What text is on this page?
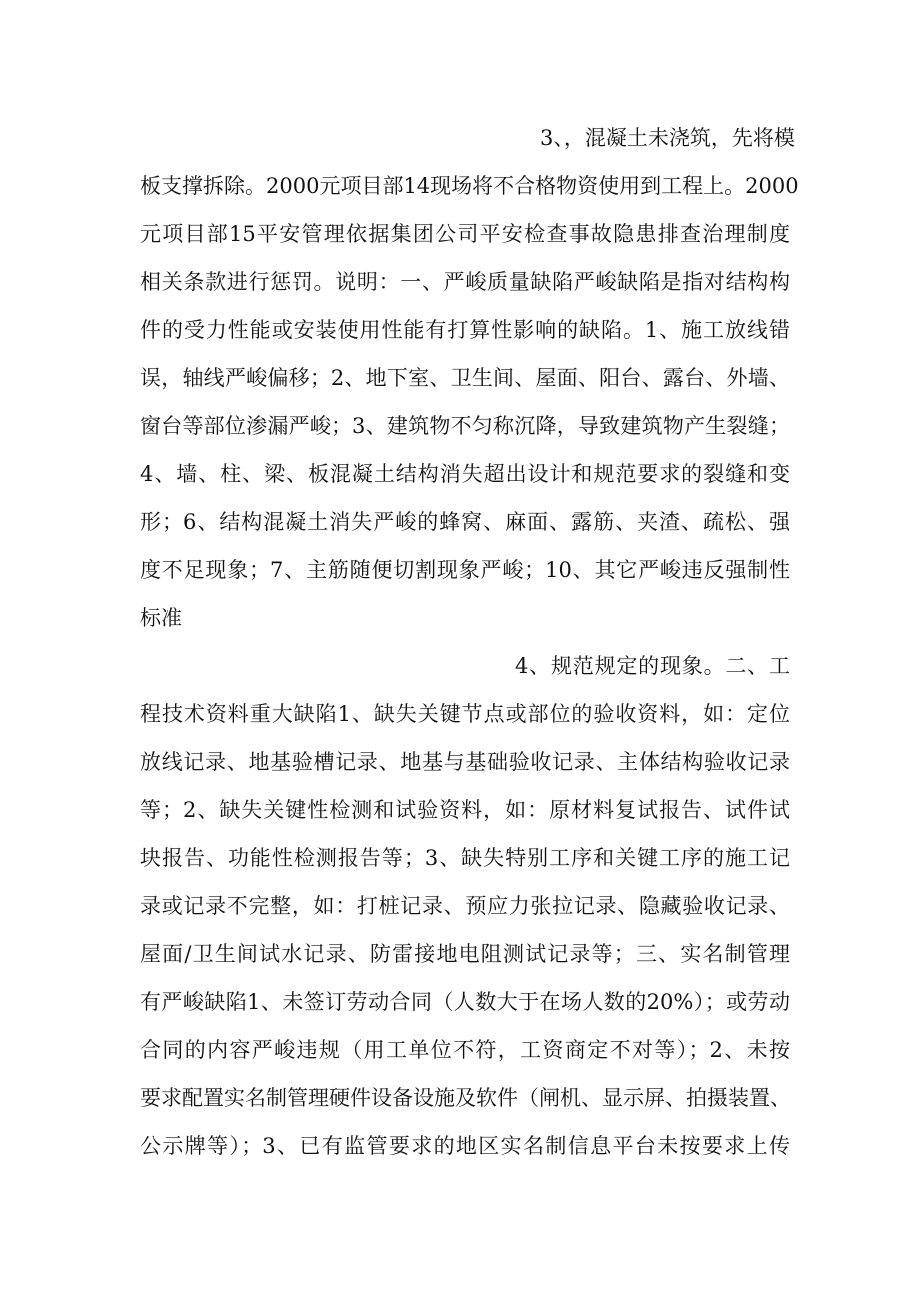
3、，混凝土未浇筑，先将模
板支撑拆除。2000元项目部14现场将不合格物资使用到工程上。2000
元项目部15平安管理依据集团公司平安检查事故隐患排查治理制度
相关条款进行惩罚。说明：一、严峻质量缺陷严峻缺陷是指对结构构
件的受力性能或安装使用性能有打算性影响的缺陷。1、施工放线错
误，轴线严峻偏移；2、地下室、卫生间、屋面、阳台、露台、外墙、
窗台等部位渗漏严峻；3、建筑物不匀称沉降，导致建筑物产生裂缝；
4、墙、柱、梁、板混凝土结构消失超出设计和规范要求的裂缝和变
形；6、结构混凝土消失严峻的蜂窝、麻面、露筋、夹渣、疏松、强
度不足现象；7、主筋随便切割现象严峻；10、其它严峻违反强制性
标准
4、规范规定的现象。二、工
程技术资料重大缺陷1、缺失关键节点或部位的验收资料，如：定位
放线记录、地基验槽记录、地基与基础验收记录、主体结构验收记录
等；2、缺失关键性检测和试验资料，如：原材料复试报告、试件试
块报告、功能性检测报告等；3、缺失特别工序和关键工序的施工记
录或记录不完整，如：打桩记录、预应力张拉记录、隐藏验收记录、
屋面/卫生间试水记录、防雷接地电阻测试记录等；三、实名制管理
有严峻缺陷1、未签订劳动合同（人数大于在场人数的20%）；或劳动
合同的内容严峻违规（用工单位不符，工资商定不对等）；2、未按
要求配置实名制管理硬件设备设施及软件（闸机、显示屏、拍摄装置、
公示牌等）；3、已有监管要求的地区实名制信息平台未按要求上传
